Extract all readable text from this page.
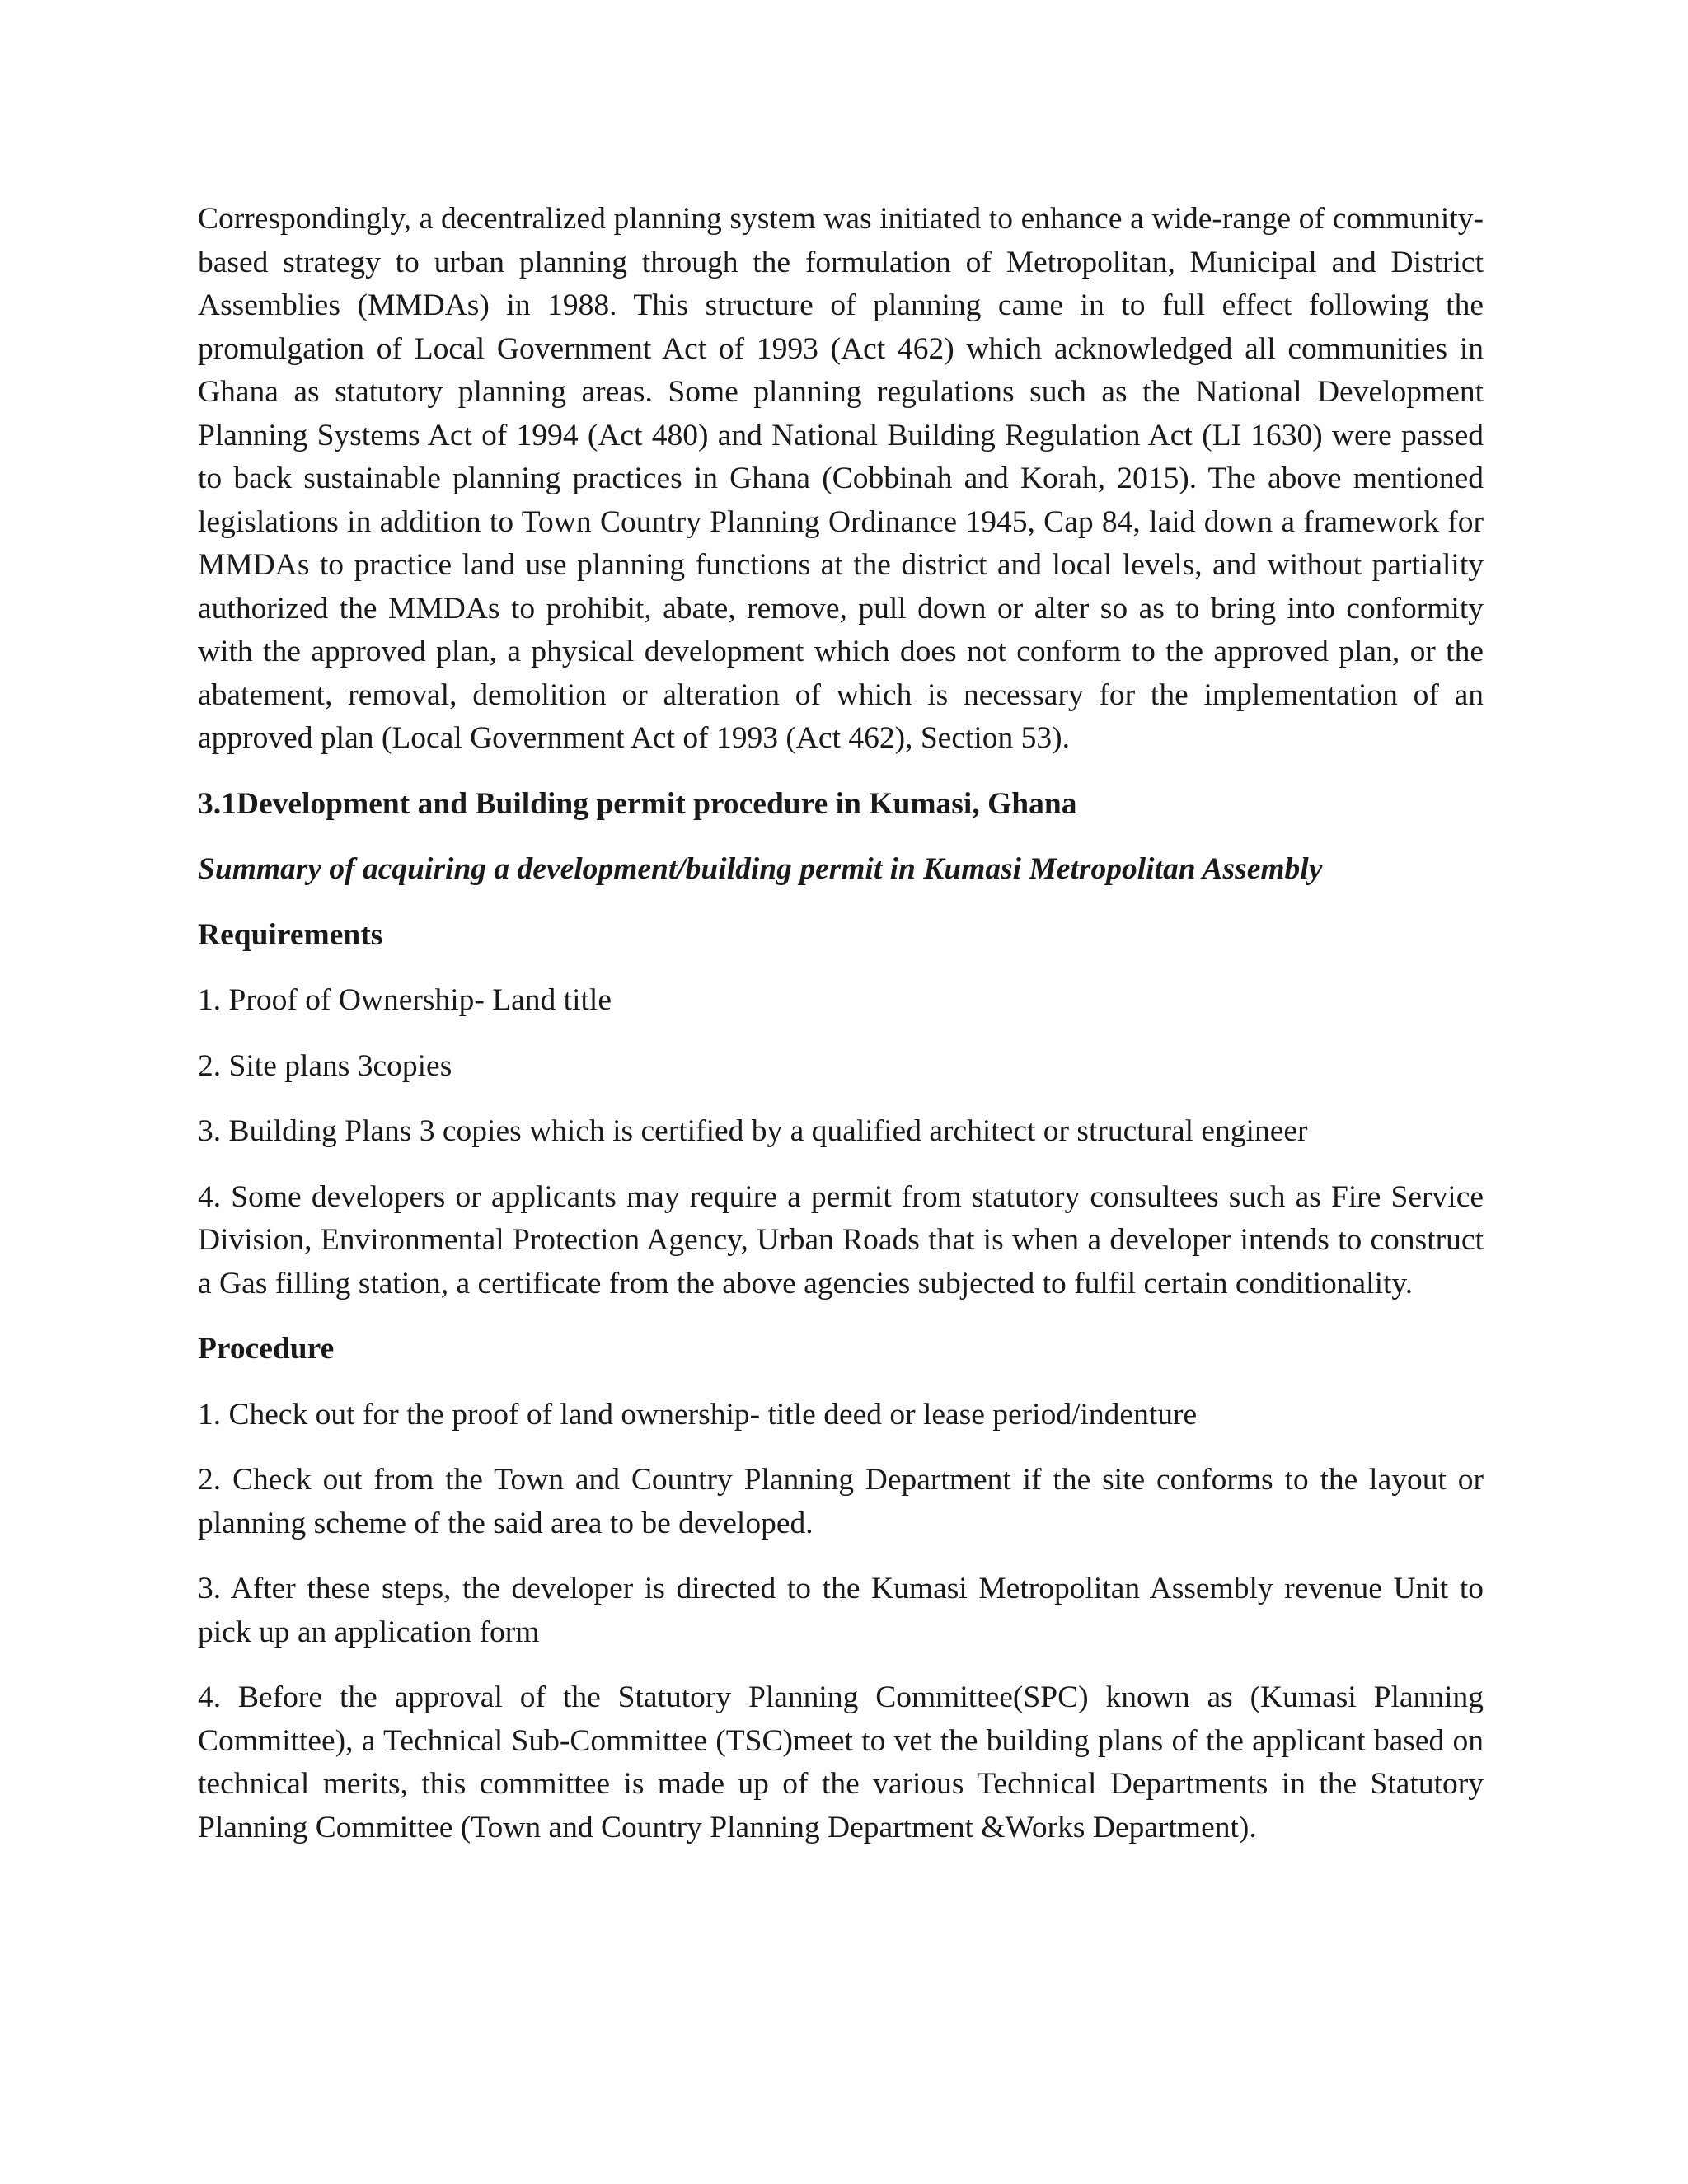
Correspondingly, a decentralized planning system was initiated to enhance a wide-range of community-based strategy to urban planning through the formulation of Metropolitan, Municipal and District Assemblies (MMDAs) in 1988. This structure of planning came in to full effect following the promulgation of Local Government Act of 1993 (Act 462) which acknowledged all communities in Ghana as statutory planning areas. Some planning regulations such as the National Development Planning Systems Act of 1994 (Act 480) and National Building Regulation Act (LI 1630) were passed to back sustainable planning practices in Ghana (Cobbinah and Korah, 2015). The above mentioned legislations in addition to Town Country Planning Ordinance 1945, Cap 84, laid down a framework for MMDAs to practice land use planning functions at the district and local levels, and without partiality authorized the MMDAs to prohibit, abate, remove, pull down or alter so as to bring into conformity with the approved plan, a physical development which does not conform to the approved plan, or the abatement, removal, demolition or alteration of which is necessary for the implementation of an approved plan (Local Government Act of 1993 (Act 462), Section 53).

3.1Development and Building permit procedure in Kumasi, Ghana

Summary of acquiring a development/building permit in Kumasi Metropolitan Assembly

Requirements

1. Proof of Ownership- Land title

2. Site plans 3copies

3. Building Plans 3 copies which is certified by a qualified architect or structural engineer

4. Some developers or applicants may require a permit from statutory consultees such as Fire Service Division, Environmental Protection Agency, Urban Roads that is when a developer intends to construct a Gas filling station, a certificate from the above agencies subjected to fulfil certain conditionality.

Procedure

1. Check out for the proof of land ownership- title deed or lease period/indenture

2. Check out from the Town and Country Planning Department if the site conforms to the layout or planning scheme of the said area to be developed.

3. After these steps, the developer is directed to the Kumasi Metropolitan Assembly revenue Unit to pick up an application form

4. Before the approval of the Statutory Planning Committee(SPC) known as (Kumasi Planning Committee), a Technical Sub-Committee (TSC)meet to vet the building plans of the applicant based on technical merits, this committee is made up of the various Technical Departments in the Statutory Planning Committee (Town and Country Planning Department &Works Department).
